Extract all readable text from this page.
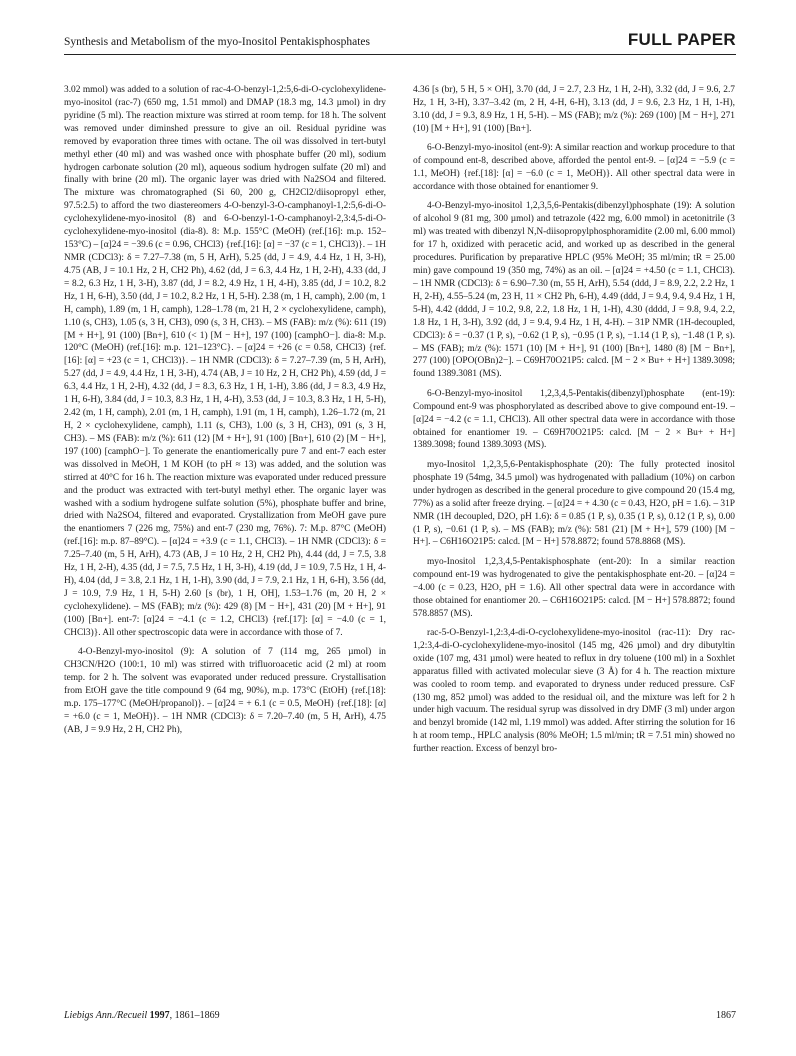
Synthesis and Metabolism of the myo-Inositol Pentakisphosphates	FULL PAPER

3.02 mmol) was added to a solution of rac-4-O-benzyl-1,2:5,6-di-O-cyclohexylidene-myo-inositol (rac-7) (650 mg, 1.51 mmol) and DMAP (18.3 mg, 14.3 µmol) in dry pyridine (5 ml). The reaction mixture was stirred at room temp. for 18 h. The solvent was removed under diminshed pressure to give an oil. Residual pyridine was removed by evaporation three times with octane. The oil was dissolved in tert-butyl methyl ether (40 ml) and was washed once with phosphate buffer (20 ml), sodium hydrogen carbonate solution (20 ml), aqueous sodium hydrogen sulfate (20 ml) and finally with brine (20 ml). The organic layer was dried with Na2SO4 and filtered. The mixture was chromatographed (Si 60, 200 g, CH2Cl2/diisopropyl ether, 97.5:2.5) to afford the two diastereomers 4-O-benzyl-3-O-camphanoyl-1,2:5,6-di-O-cyclohexylidene-myo-inositol (8) and 6-O-benzyl-1-O-camphanoyl-2,3:4,5-di-O-cyclohexylidene-myo-inositol (dia-8). 8: M.p. 155°C (MeOH) (ref.[16]: m.p. 152–153°C) – [α]24 = −39.6 (c = 0.96, CHCl3) {ref.[16]: [α] = −37 (c = 1, CHCl3)}. – 1H NMR (CDCl3): δ = 7.27–7.38 (m, 5 H, ArH), 5.25 (dd, J = 4.9, 4.4 Hz, 1 H, 3-H), 4.75 (AB, J = 10.1 Hz, 2 H, CH2 Ph), 4.62 (dd, J = 6.3, 4.4 Hz, 1 H, 2-H), 4.33 (dd, J = 8.2, 6.3 Hz, 1 H, 3-H), 3.87 (dd, J = 8.2, 4.9 Hz, 1 H, 4-H), 3.85 (dd, J = 10.2, 8.2 Hz, 1 H, 6-H), 3.50 (dd, J = 10.2, 8.2 Hz, 1 H, 5-H). 2.38 (m, 1 H, camph), 2.00 (m, 1 H, camph), 1.89 (m, 1 H, camph), 1.28–1.78 (m, 21 H, 2 × cyclohexylidene, camph), 1.10 (s, CH3), 1.05 (s, 3 H, CH3), 090 (s, 3 H, CH3). – MS (FAB): m/z (%): 611 (19) [M + H+], 91 (100) [Bn+], 610 (< 1) [M − H+], 197 (100) [camphO−]. dia-8: M.p. 120°C (MeOH) (ref.[16]: m.p. 121–123°C}. – [α]24 = +26 (c = 0.58, CHCl3) {ref.[16]: [α] = +23 (c = 1, CHCl3)}. – 1H NMR (CDCl3): δ = 7.27–7.39 (m, 5 H, ArH), 5.27 (dd, J = 4.9, 4.4 Hz, 1 H, 3-H), 4.74 (AB, J = 10 Hz, 2 H, CH2 Ph), 4.59 (dd, J = 6.3, 4.4 Hz, 1 H, 2-H), 4.32 (dd, J = 8.3, 6.3 Hz, 1 H, 1-H), 3.86 (dd, J = 8.3, 4.9 Hz, 1 H, 6-H), 3.84 (dd, J = 10.3, 8.3 Hz, 1 H, 4-H), 3.53 (dd, J = 10.3, 8.3 Hz, 1 H, 5-H), 2.42 (m, 1 H, camph), 2.01 (m, 1 H, camph), 1.91 (m, 1 H, camph), 1.26–1.72 (m, 21 H, 2 × cyclohexylidene, camph), 1.11 (s, CH3), 1.00 (s, 3 H, CH3), 091 (s, 3 H, CH3). – MS (FAB): m/z (%): 611 (12) [M + H+], 91 (100) [Bn+], 610 (2) [M − H+], 197 (100) [camphO−]. To generate the enantiomerically pure 7 and ent-7 each ester was dissolved in MeOH, 1 M KOH (to pH ≈ 13) was added, and the solution was stirred at 40°C for 16 h. The reaction mixture was evaporated under reduced pressure and the product was extracted with tert-butyl methyl ether. The organic layer was washed with a sodium hydrogene sulfate solution (5%), phosphate buffer and brine, dried with Na2SO4, filtered and evaporated. Crystallization from MeOH gave pure the enantiomers 7 (226 mg, 75%) and ent-7 (230 mg, 76%). 7: M.p. 87°C (MeOH) (ref.[16]: m.p. 87–89°C). – [α]24 = +3.9 (c = 1.1, CHCl3). – 1H NMR (CDCl3): δ = 7.25–7.40 (m, 5 H, ArH), 4.73 (AB, J = 10 Hz, 2 H, CH2 Ph), 4.44 (dd, J = 7.5, 3.8 Hz, 1 H, 2-H), 4.35 (dd, J = 7.5, 7.5 Hz, 1 H, 3-H), 4.19 (dd, J = 10.9, 7.5 Hz, 1 H, 4-H), 4.04 (dd, J = 3.8, 2.1 Hz, 1 H, 1-H), 3.90 (dd, J = 7.9, 2.1 Hz, 1 H, 6-H), 3.56 (dd, J = 10.9, 7.9 Hz, 1 H, 5-H) 2.60 [s (br), 1 H, OH], 1.53–1.76 (m, 20 H, 2 × cyclohexylidene). – MS (FAB); m/z (%): 429 (8) [M − H+], 431 (20) [M + H+], 91 (100) [Bn+]. ent-7: [α]24 = −4.1 (c = 1.2, CHCl3) {ref.[17]: [α] = −4.0 (c = 1, CHCl3)}. All other spectroscopic data were in accordance with those of 7.

4-O-Benzyl-myo-inositol (9): A solution of 7 (114 mg, 265 µmol) in CH3CN/H2O (100:1, 10 ml) was stirred with trifluoroacetic acid (2 ml) at room temp. for 2 h. The solvent was evaporated under reduced pressure. Crystallisation from EtOH gave the title compound 9 (64 mg, 90%), m.p. 173°C (EtOH) {ref.[18]: m.p. 175–177°C (MeOH/propanol)}. – [α]24 = + 6.1 (c = 0.5, MeOH) {ref.[18]: [α] = +6.0 (c = 1, MeOH)}. – 1H NMR (CDCl3): δ = 7.20–7.40 (m, 5 H, ArH), 4.75 (AB, J = 9.9 Hz, 2 H, CH2 Ph),

4.36 [s (br), 5 H, 5 × OH], 3.70 (dd, J = 2.7, 2.3 Hz, 1 H, 2-H), 3.32 (dd, J = 9.6, 2.7 Hz, 1 H, 3-H), 3.37–3.42 (m, 2 H, 4-H, 6-H), 3.13 (dd, J = 9.6, 2.3 Hz, 1 H, 1-H), 3.10 (dd, J = 9.3, 8.9 Hz, 1 H, 5-H). – MS (FAB); m/z (%): 269 (100) [M − H+], 271 (10) [M + H+], 91 (100) [Bn+].

6-O-Benzyl-myo-inositol (ent-9): A similar reaction and workup procedure to that of compound ent-8, described above, afforded the pentol ent-9. – [α]24 = −5.9 (c = 1.1, MeOH) {ref.[18]: [α] = −6.0 (c = 1, MeOH)}. All other spectral data were in accordance with those obtained for enantiomer 9.

4-O-Benzyl-myo-inositol 1,2,3,5,6-Pentakis(dibenzyl)phosphate (19): A solution of alcohol 9 (81 mg, 300 µmol) and tetrazole (422 mg, 6.00 mmol) in acetonitrile (3 ml) was treated with dibenzyl N,N-diisopropylphosphoramidite (2.00 ml, 6.00 mmol) for 17 h, oxidized with peracetic acid, and worked up as described in the general procedures. Purification by preparative HPLC (95% MeOH; 35 ml/min; tR = 25.00 min) gave compound 19 (350 mg, 74%) as an oil. – [α]24 = +4.50 (c = 1.1, CHCl3). – 1H NMR (CDCl3): δ = 6.90–7.30 (m, 55 H, ArH), 5.54 (ddd, J = 8.9, 2.2, 2.2 Hz, 1 H, 2-H), 4.55–5.24 (m, 23 H, 11 × CH2 Ph, 6-H), 4.49 (ddd, J = 9.4, 9.4, 9.4 Hz, 1 H, 5-H), 4.42 (dddd, J = 10.2, 9.8, 2.2, 1.8 Hz, 1 H, 1-H), 4.30 (dddd, J = 9.8, 9.4, 2.2, 1.8 Hz, 1 H, 3-H), 3.92 (dd, J = 9.4, 9.4 Hz, 1 H, 4-H). – 31P NMR (1H-decoupled, CDCl3): δ = −0.37 (1 P, s), −0.62 (1 P, s), −0.95 (1 P, s), −1.14 (1 P, s), −1.48 (1 P, s). – MS (FAB); m/z (%): 1571 (10) [M + H+], 91 (100) [Bn+], 1480 (8) [M − Bn+], 277 (100) [OPO(OBn)2−]. – C69H70O21P5: calcd. [M − 2 × Bu+ + H+] 1389.3098; found 1389.3081 (MS).

6-O-Benzyl-myo-inositol 1,2,3,4,5-Pentakis(dibenzyl)phosphate (ent-19): Compound ent-9 was phosphorylated as described above to give compound ent-19. – [α]24 = −4.2 (c = 1.1, CHCl3). All other spectral data were in accordance with those obtained for enantiomer 19. – C69H70O21P5: calcd. [M − 2 × Bu+ + H+] 1389.3098; found 1389.3093 (MS).

myo-Inositol 1,2,3,5,6-Pentakisphosphate (20): The fully protected inositol phosphate 19 (54mg, 34.5 µmol) was hydrogenated with palladium (10%) on carbon under hydrogen as described in the general procedure to give compound 20 (15.4 mg, 77%) as a solid after freeze drying. – [α]24 = + 4.30 (c = 0.43, H2O, pH = 1.6). – 31P NMR (1H decoupled, D2O, pH 1.6): δ = 0.85 (1 P, s), 0.35 (1 P, s), 0.12 (1 P, s), 0.00 (1 P, s), −0.61 (1 P, s). – MS (FAB); m/z (%): 581 (21) [M + H+], 579 (100) [M − H+]. – C6H16O21P5: calcd. [M − H+] 578.8872; found 578.8868 (MS).

myo-Inositol 1,2,3,4,5-Pentakisphosphate (ent-20): In a similar reaction compound ent-19 was hydrogenated to give the pentakisphosphate ent-20. – [α]24 = −4.00 (c = 0.23, H2O, pH = 1.6). All other spectral data were in accordance with those obtained for enantiomer 20. – C6H16O21P5: calcd. [M − H+] 578.8872; found 578.8857 (MS).

rac-5-O-Benzyl-1,2:3,4-di-O-cyclohexylidene-myo-inositol (rac-11): Dry rac-1,2:3,4-di-O-cyclohexylidene-myo-inositol (145 mg, 426 µmol) and dry dibutyltin oxide (107 mg, 431 µmol) were heated to reflux in dry toluene (100 ml) in a Soxhlet apparatus filled with activated molecular sieve (3 Å) for 4 h. The reaction mixture was cooled to room temp. and evaporated to dryness under reduced pressure. CsF (130 mg, 852 µmol) was added to the residual oil, and the mixture was left for 2 h under high vacuum. The residual syrup was dissolved in dry DMF (3 ml) under argon and benzyl bromide (142 ml, 1.19 mmol) was added. After stirring the solution for 16 h at room temp., HPLC analysis (80% MeOH; 1.5 ml/min; tR = 7.51 min) showed no further reaction. Excess of benzyl bro-

Liebigs Ann./Recueil 1997, 1861–1869	1867
